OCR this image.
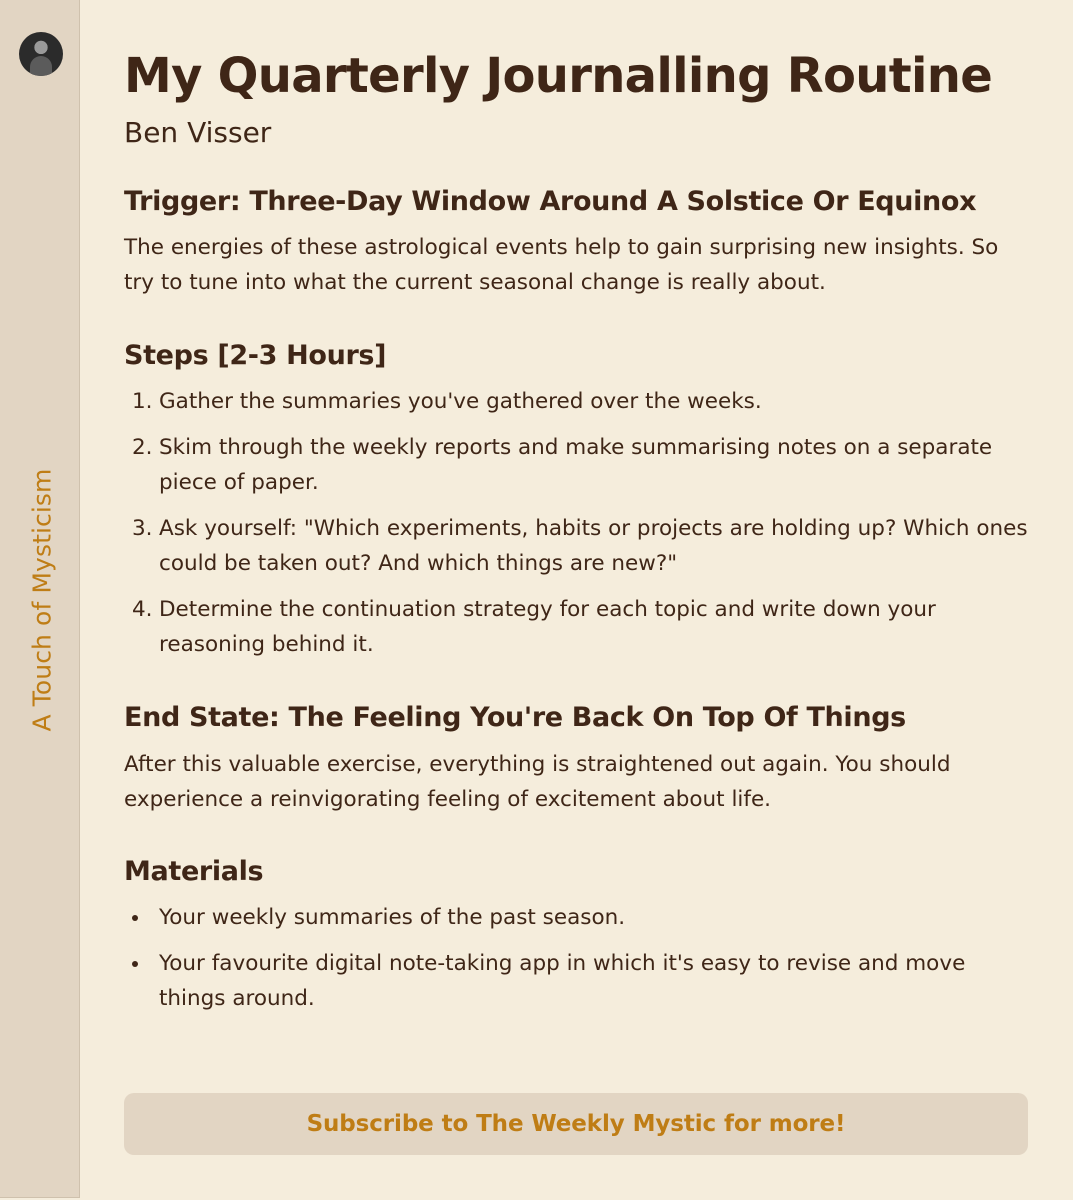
A Touch of Mysticism
My Quarterly Journalling Routine
Ben Visser
Trigger: Three-Day Window Around A Solstice Or Equinox

The energies of these astrological events help to gain surprising new insights. So try to tune into what the current seasonal change is really about.

Steps [2-3 Hours]
1. Gather the summaries you've gathered over the weeks.
2. Skim through the weekly reports and make summarising notes on a separate piece of paper.
3. Ask yourself: "Which experiments, habits or projects are holding up? Which ones could be taken out? And which things are new?"
4. Determine the continuation strategy for each topic and write down your reasoning behind it.
End State: The Feeling You're Back On Top Of Things

After this valuable exercise, everything is straightened out again. You should experience a reinvigorating feeling of excitement about life.

Materials
Your weekly summaries of the past season.
Your favourite digital note-taking app in which it's easy to revise and move things around.
Subscribe to The Weekly Mystic for more!
